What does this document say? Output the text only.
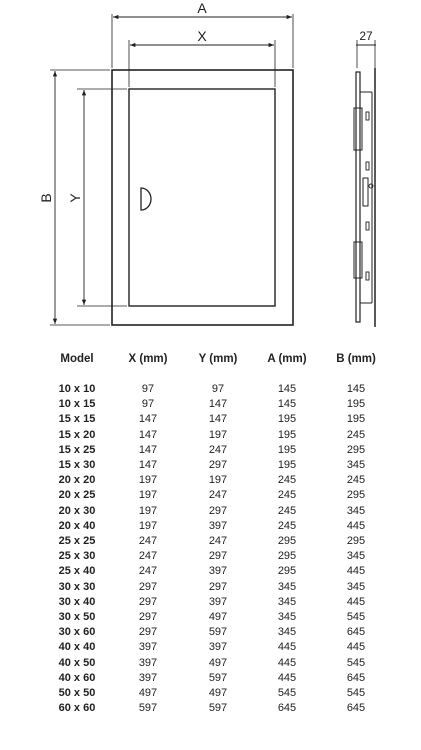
A
X
B Y
27
Model	X (mm)	Y (mm)	A (mm)	B (mm)

10 x 10	97	97	145	145
10 x 15	97	147	145	195
15 x 15	147	147	195	195
15 x 20	147	197	195	245
15 x 25	147	247	195	295
15 x 30	147	297	195	345
20 x 20	197	197	245	245
20 x 25	197	247	245	295
20 x 30	197	297	245	345
20 x 40	197	397	245	445
25 x 25	247	247	295	295
25 x 30	247	297	295	345
25 x 40	247	397	295	445
30 x 30	297	297	345	345
30 x 40	297	397	345	445
30 x 50	297	497	345	545
30 x 60	297	597	345	645
40 x 40	397	397	445	445
40 x 50	397	497	445	545
40 x 60	397	597	445	645
50 x 50	497	497	545	545
60 x 60	597	597	645	645
